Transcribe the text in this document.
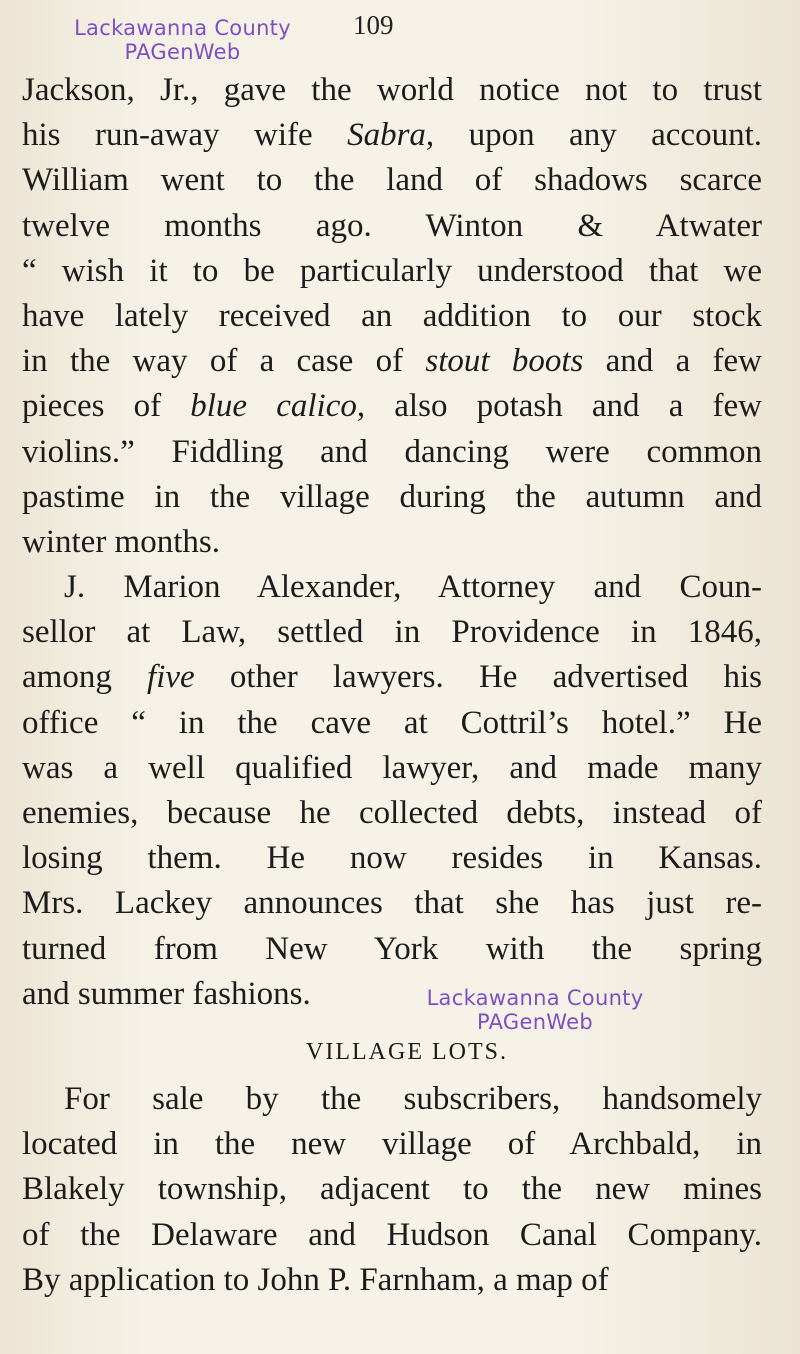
Lackawanna County
PAGenWeb
109
Jackson, Jr., gave the world notice not to trust
his run-away wife Sabra, upon any account.
William went to the land of shadows scarce
twelve months ago. Winton & Atwater
“ wish it to be particularly understood that we
have lately received an addition to our stock
in the way of a case of stout boots and a few
pieces of blue calico, also potash and a few
violins.” Fiddling and dancing were common
pastime in the village during the autumn and
winter months.
J. Marion Alexander, Attorney and Coun-
sellor at Law, settled in Providence in 1846,
among five other lawyers. He advertised his
office “ in the cave at Cottril’s hotel.” He
was a well qualified lawyer, and made many
enemies, because he collected debts, instead of
losing them. He now resides in Kansas.
Mrs. Lackey announces that she has just re-
turned from New York with the spring
and summer fashions.
VILLAGE LOTS.
For sale by the subscribers, handsomely
located in the new village of Archbald, in
Blakely township, adjacent to the new mines
of the Delaware and Hudson Canal Company.
By application to John P. Farnham, a map of
Lackawanna County
PAGenWeb
